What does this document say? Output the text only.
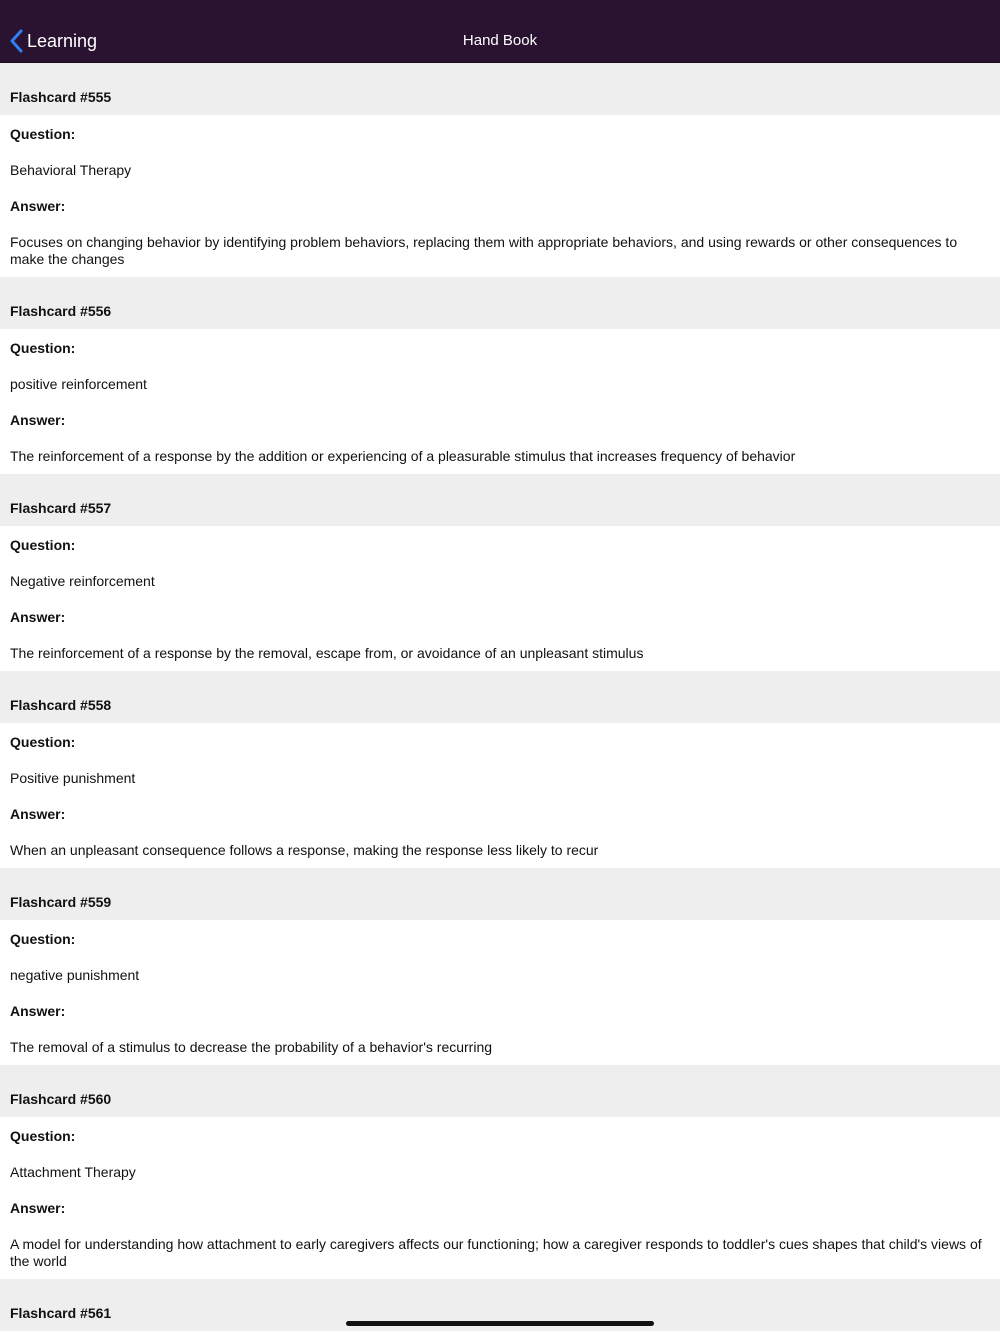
Learning	Hand Book
Flashcard #555
Question:
Behavioral Therapy
Answer:
Focuses on changing behavior by identifying problem behaviors, replacing them with appropriate behaviors, and using rewards or other consequences to make the changes
Flashcard #556
Question:
positive reinforcement
Answer:
The reinforcement of a response by the addition or experiencing of a pleasurable stimulus that increases frequency of behavior
Flashcard #557
Question:
Negative reinforcement
Answer:
The reinforcement of a response by the removal, escape from, or avoidance of an unpleasant stimulus
Flashcard #558
Question:
Positive punishment
Answer:
When an unpleasant consequence follows a response, making the response less likely to recur
Flashcard #559
Question:
negative punishment
Answer:
The removal of a stimulus to decrease the probability of a behavior's recurring
Flashcard #560
Question:
Attachment Therapy
Answer:
A model for understanding how attachment to early caregivers affects our functioning; how a caregiver responds to toddler's cues shapes that child's views of the world
Flashcard #561
